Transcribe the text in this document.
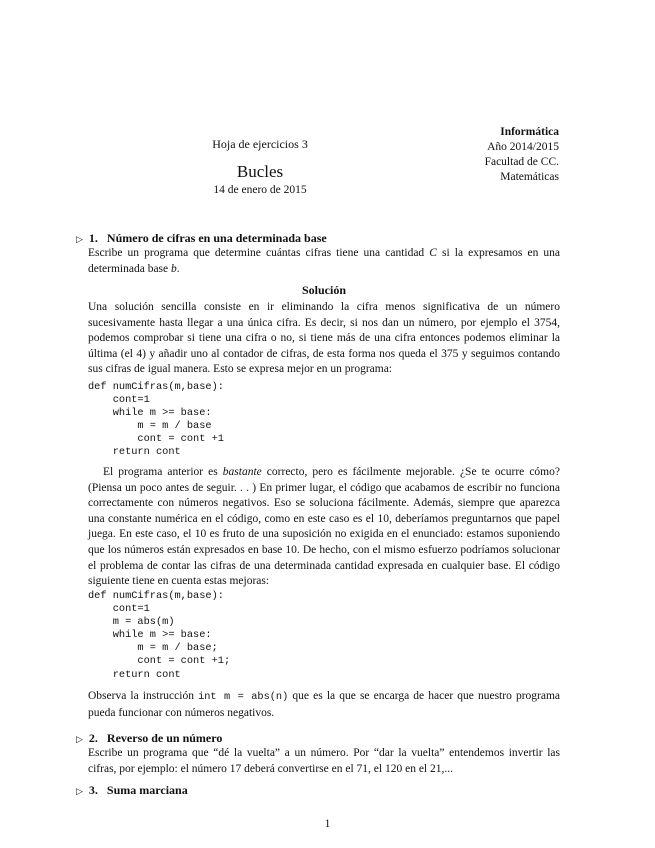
Hoja de ejercicios 3
Bucles
14 de enero de 2015
Informática
Año 2014/2015
Facultad de CC.
Matemáticas
▷ 1. Número de cifras en una determinada base
Escribe un programa que determine cuántas cifras tiene una cantidad C si la expresamos en una determinada base b.
Solución
Una solución sencilla consiste en ir eliminando la cifra menos significativa de un número sucesivamente hasta llegar a una única cifra. Es decir, si nos dan un número, por ejemplo el 3754, podemos comprobar si tiene una cifra o no, si tiene más de una cifra entonces podemos eliminar la última (el 4) y añadir uno al contador de cifras, de esta forma nos queda el 375 y seguimos contando sus cifras de igual manera. Esto se expresa mejor en un programa:
def numCifras(m,base):
cont=1
while m >= base:
m = m / base
cont = cont +1
return cont
El programa anterior es bastante correcto, pero es fácilmente mejorable. ¿Se te ocurre cómo? (Piensa un poco antes de seguir. . . ) En primer lugar, el código que acabamos de escribir no funciona correctamente con números negativos. Eso se soluciona fácilmente. Además, siempre que aparezca una constante numérica en el código, como en este caso es el 10, deberíamos preguntarnos que papel juega. En este caso, el 10 es fruto de una suposición no exigida en el enunciado: estamos suponiendo que los números están expresados en base 10. De hecho, con el mismo esfuerzo podríamos solucionar el problema de contar las cifras de una determinada cantidad expresada en cualquier base. El código siguiente tiene en cuenta estas mejoras:
def numCifras(m,base):
cont=1
m = abs(m)
while m >= base:
m = m / base;
cont = cont +1;
return cont
Observa la instrucción int m = abs(n) que es la que se encarga de hacer que nuestro programa pueda funcionar con números negativos.
▷ 2. Reverso de un número
Escribe un programa que “dé la vuelta” a un número. Por “dar la vuelta” entendemos invertir las cifras, por ejemplo: el número 17 deberá convertirse en el 71, el 120 en el 21,...
▷ 3. Suma marciana
1
